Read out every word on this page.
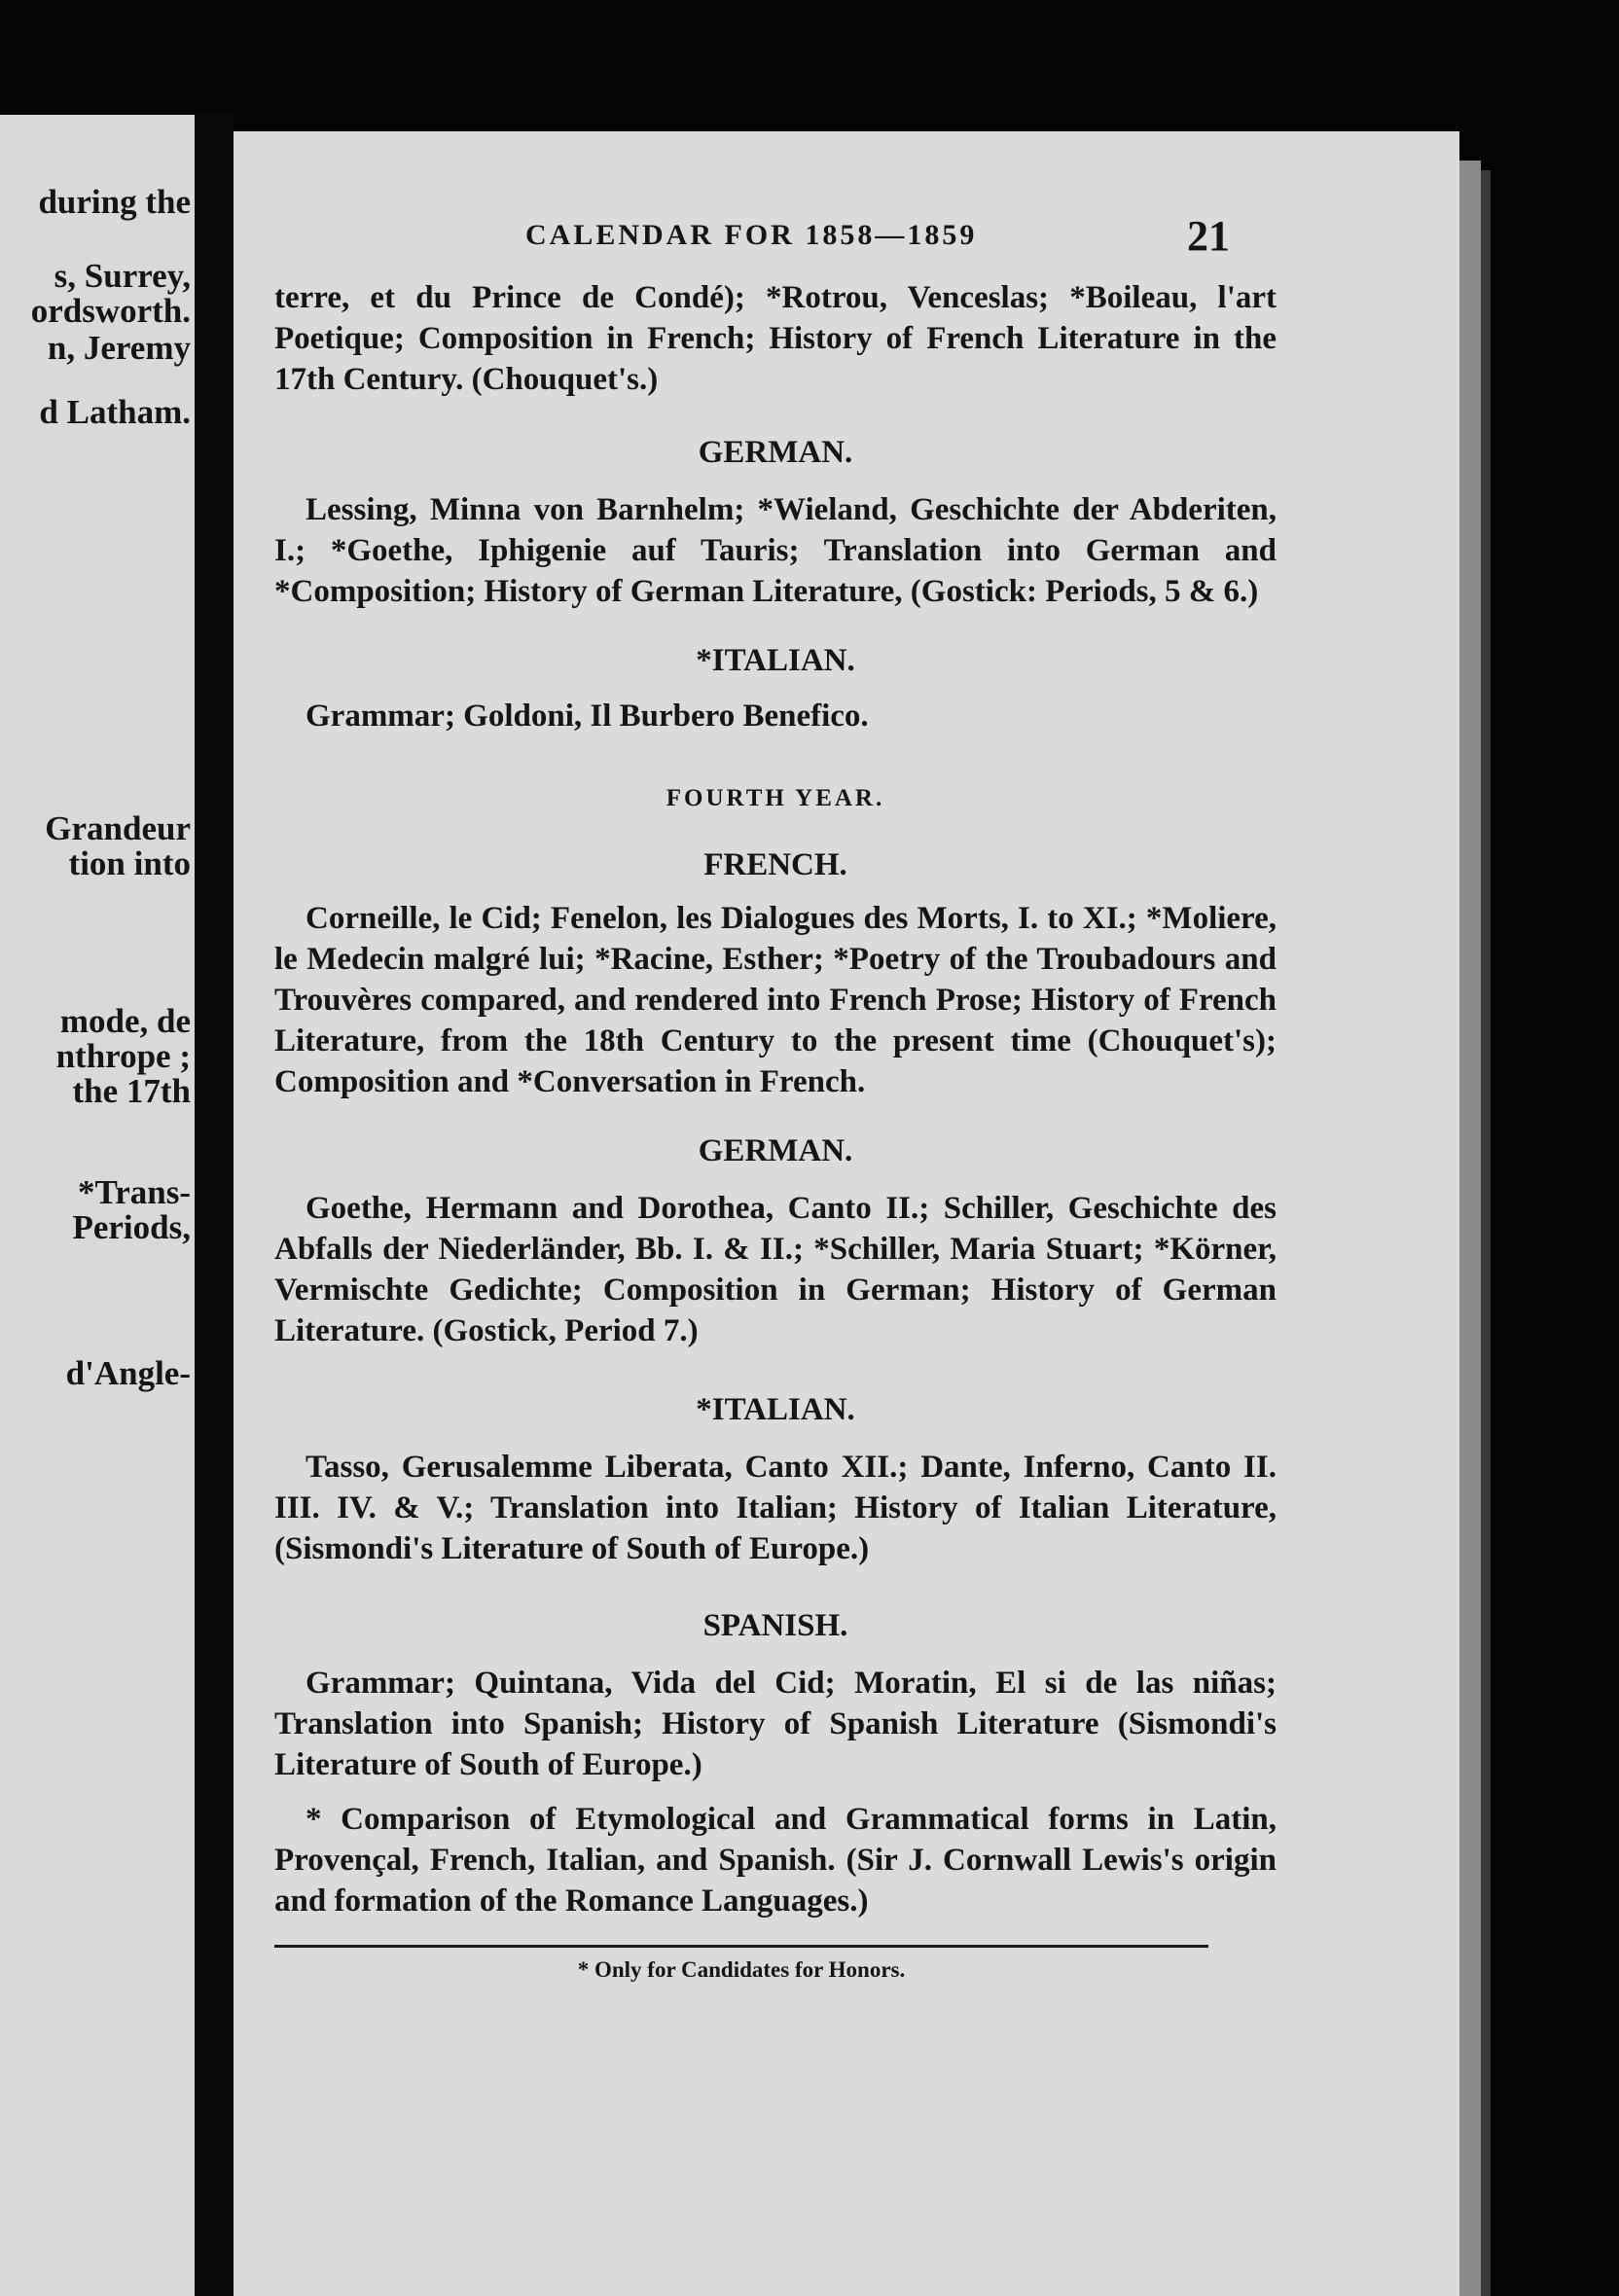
during the
s, Surrey,
ordsworth.
n, Jeremy
d Latham.
Grandeur
tion into
mode, de
nthrope ;
the 17th
*Trans-
Periods,
d'Angle-
CALENDAR FOR 1858—1859	21

terre, et du Prince de Condé); *Rotrou, Venceslas; *Boileau, l'art Poetique; Composition in French; History of French Literature in the 17th Century. (Chouquet's.)

GERMAN.

Lessing, Minna von Barnhelm; *Wieland, Geschichte der Abderiten, I.; *Goethe, Iphigenie auf Tauris; Translation into German and *Composition; History of German Literature, (Gostick: Periods, 5 & 6.)

*ITALIAN.

Grammar; Goldoni, Il Burbero Benefico.

FOURTH YEAR.

FRENCH.

Corneille, le Cid; Fenelon, les Dialogues des Morts, I. to XI.; *Moliere, le Medecin malgré lui; *Racine, Esther; *Poetry of the Troubadours and Trouvères compared, and rendered into French Prose; History of French Literature, from the 18th Century to the present time (Chouquet's); Composition and *Conversation in French.

GERMAN.

Goethe, Hermann and Dorothea, Canto II.; Schiller, Geschichte des Abfalls der Niederländer, Bb. I. & II.; *Schiller, Maria Stuart; *Körner, Vermischte Gedichte; Composition in German; History of German Literature. (Gostick, Period 7.)

*ITALIAN.

Tasso, Gerusalemme Liberata, Canto XII.; Dante, Inferno, Canto II. III. IV. & V.; Translation into Italian; History of Italian Literature, (Sismondi's Literature of South of Europe.)

SPANISH.

Grammar; Quintana, Vida del Cid; Moratin, El si de las niñas; Translation into Spanish; History of Spanish Literature (Sismondi's Literature of South of Europe.)

* Comparison of Etymological and Grammatical forms in Latin, Provençal, French, Italian, and Spanish. (Sir J. Cornwall Lewis's origin and formation of the Romance Languages.)

* Only for Candidates for Honors.
